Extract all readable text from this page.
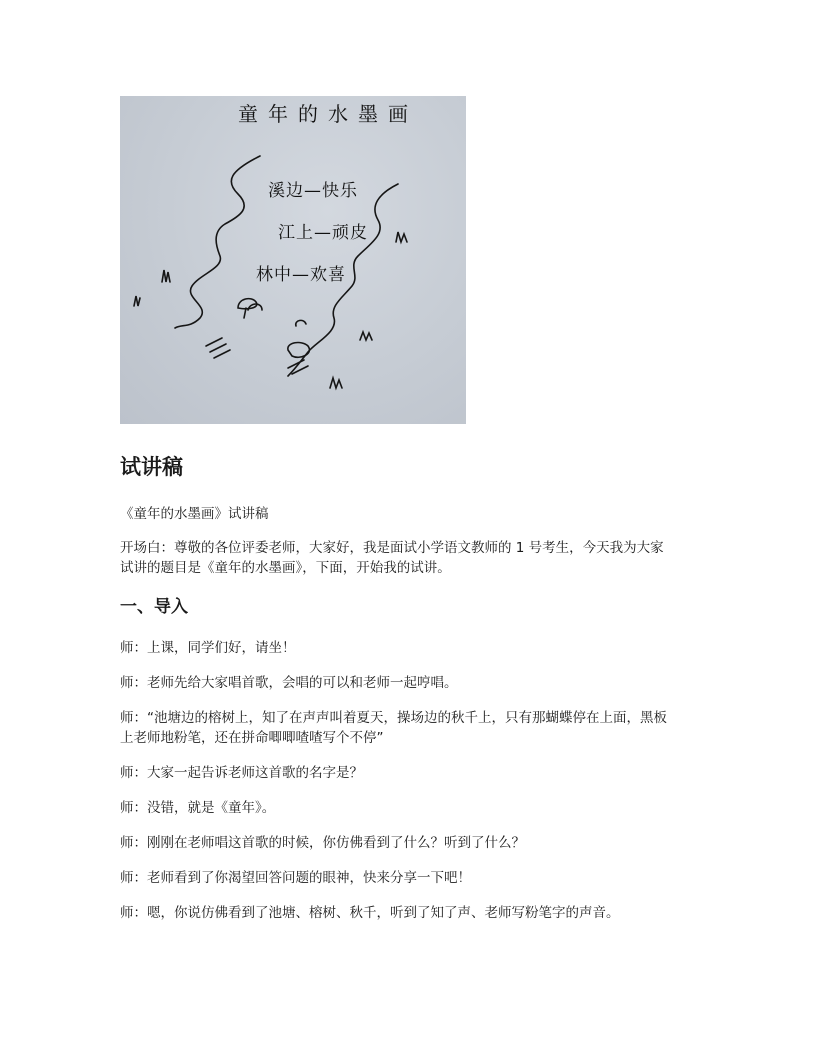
童年的水墨画
溪边—快乐
江上—顽皮
林中—欢喜
试讲稿

《童年的水墨画》试讲稿

开场白：尊敬的各位评委老师，大家好，我是面试小学语文教师的 1 号考生，今天我为大家试讲的题目是《童年的水墨画》，下面，开始我的试讲。

一、导入

师：上课，同学们好，请坐！

师：老师先给大家唱首歌，会唱的可以和老师一起哼唱。

师：“池塘边的榕树上，知了在声声叫着夏天，操场边的秋千上，只有那蝴蝶停在上面，黑板上老师地粉笔，还在拼命唧唧喳喳写个不停”

师：大家一起告诉老师这首歌的名字是？

师：没错，就是《童年》。

师：刚刚在老师唱这首歌的时候，你仿佛看到了什么？听到了什么？

师：老师看到了你渴望回答问题的眼神，快来分享一下吧！

师：嗯，你说仿佛看到了池塘、榕树、秋千，听到了知了声、老师写粉笔字的声音。
